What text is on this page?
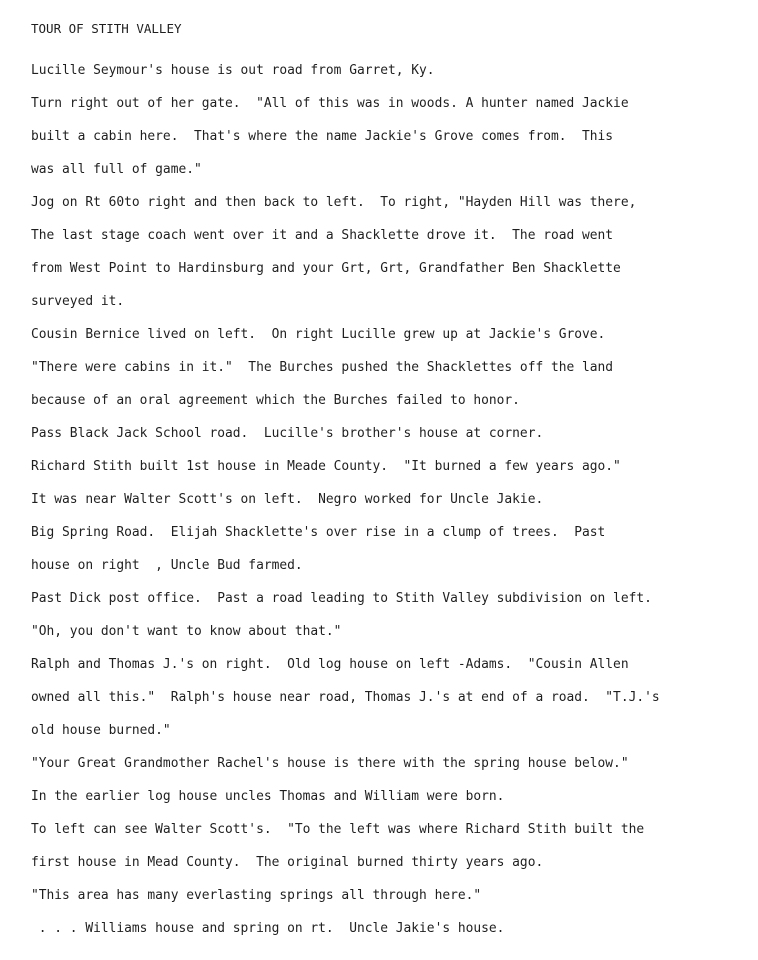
TOUR OF STITH VALLEY
Lucille Seymour's house is out road from Garret, Ky.
Turn right out of her gate.  "All of this was in woods. A hunter named Jackie
built a cabin here.  That's where the name Jackie's Grove comes from.  This
was all full of game."
Jog on Rt 60to right and then back to left.  To right, "Hayden Hill was there,
The last stage coach went over it and a Shacklette drove it.  The road went
from West Point to Hardinsburg and your Grt, Grt, Grandfather Ben Shacklette
surveyed it.
Cousin Bernice lived on left.  On right Lucille grew up at Jackie's Grove.
"There were cabins in it."  The Burches pushed the Shacklettes off the land
because of an oral agreement which the Burches failed to honor.
Pass Black Jack School road.  Lucille's brother's house at corner.
Richard Stith built 1st house in Meade County.  "It burned a few years ago."
It was near Walter Scott's on left.  Negro worked for Uncle Jakie.
Big Spring Road.  Elijah Shacklette's over rise in a clump of trees.  Past
house on right  , Uncle Bud farmed.
Past Dick post office.  Past a road leading to Stith Valley subdivision on left.
"Oh, you don't want to know about that."
Ralph and Thomas J.'s on right.  Old log house on left -Adams.  "Cousin Allen
owned all this."  Ralph's house near road, Thomas J.'s at end of a road.  "T.J.'s
old house burned."
"Your Great Grandmother Rachel's house is there with the spring house below."
In the earlier log house uncles Thomas and William were born.
To left can see Walter Scott's.  "To the left was where Richard Stith built the
first house in Mead County.  The original burned thirty years ago.
"This area has many everlasting springs all through here."
. . . Williams house and spring on rt.  Uncle Jakie's house.
